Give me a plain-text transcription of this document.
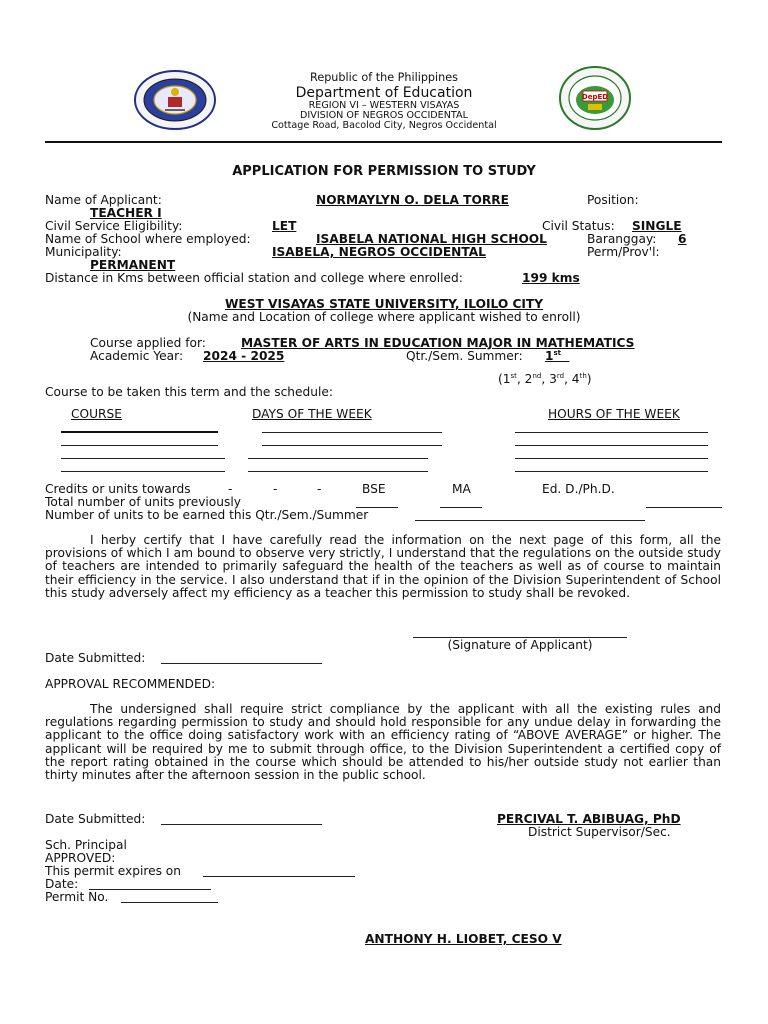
DepED
Republic of the Philippines
Department of Education
REGION VI – WESTERN VISAYAS
DIVISION OF NEGROS OCCIDENTAL
Cottage Road, Bacolod City, Negros Occidental
APPLICATION FOR PERMISSION TO STUDY
Name of Applicant:	NORMAYLYN O. DELA TORRE	Position:
TEACHER I
Civil Service Eligibility:	LET	Civil Status: SINGLE
Name of School where employed:	ISABELA NATIONAL HIGH SCHOOL	Baranggay: 6
Municipality:	ISABELA, NEGROS OCCIDENTAL	Perm/Prov'l:
PERMANENT
Distance in Kms between official station and college where enrolled:	199 kms
WEST VISAYAS STATE UNIVERSITY, ILOILO CITY
(Name and Location of college where applicant wished to enroll)
Course applied for:	MASTER OF ARTS IN EDUCATION MAJOR IN MATHEMATICS
Academic Year: 2024 - 2025	Qtr./Sem. Summer: 1st
(1st, 2nd, 3rd, 4th)
Course to be taken this term and the schedule:
COURSE	DAYS OF THE WEEK	HOURS OF THE WEEK
Credits or units towards	-	-	-	BSE	MA	Ed. D./Ph.D.
Total number of units previously
Number of units to be earned this Qtr./Sem./Summer
I herby certify that I have carefully read the information on the next page of this form, all the provisions of which I am bound to observe very strictly, I understand that the regulations on the outside study of teachers are intended to primarily safeguard the health of the teachers as well as of course to maintain their efficiency in the service. I also understand that if in the opinion of the Division Superintendent of School this study adversely affect my efficiency as a teacher this permission to study shall be revoked.
(Signature of Applicant)
Date Submitted:
APPROVAL RECOMMENDED:
The undersigned shall require strict compliance by the applicant with all the existing rules and regulations regarding permission to study and should hold responsible for any undue delay in forwarding the applicant to the office doing satisfactory work with an efficiency rating of “ABOVE AVERAGE” or higher. The applicant will be required by me to submit through office, to the Division Superintendent a certified copy of the report rating obtained in the course which should be attended to his/her outside study not earlier than thirty minutes after the afternoon session in the public school.
Date Submitted:	PERCIVAL T. ABIBUAG, PhD
District Supervisor/Sec.
Sch. Principal
APPROVED:
This permit expires on
Date:
Permit No.
ANTHONY H. LIOBET, CESO V
